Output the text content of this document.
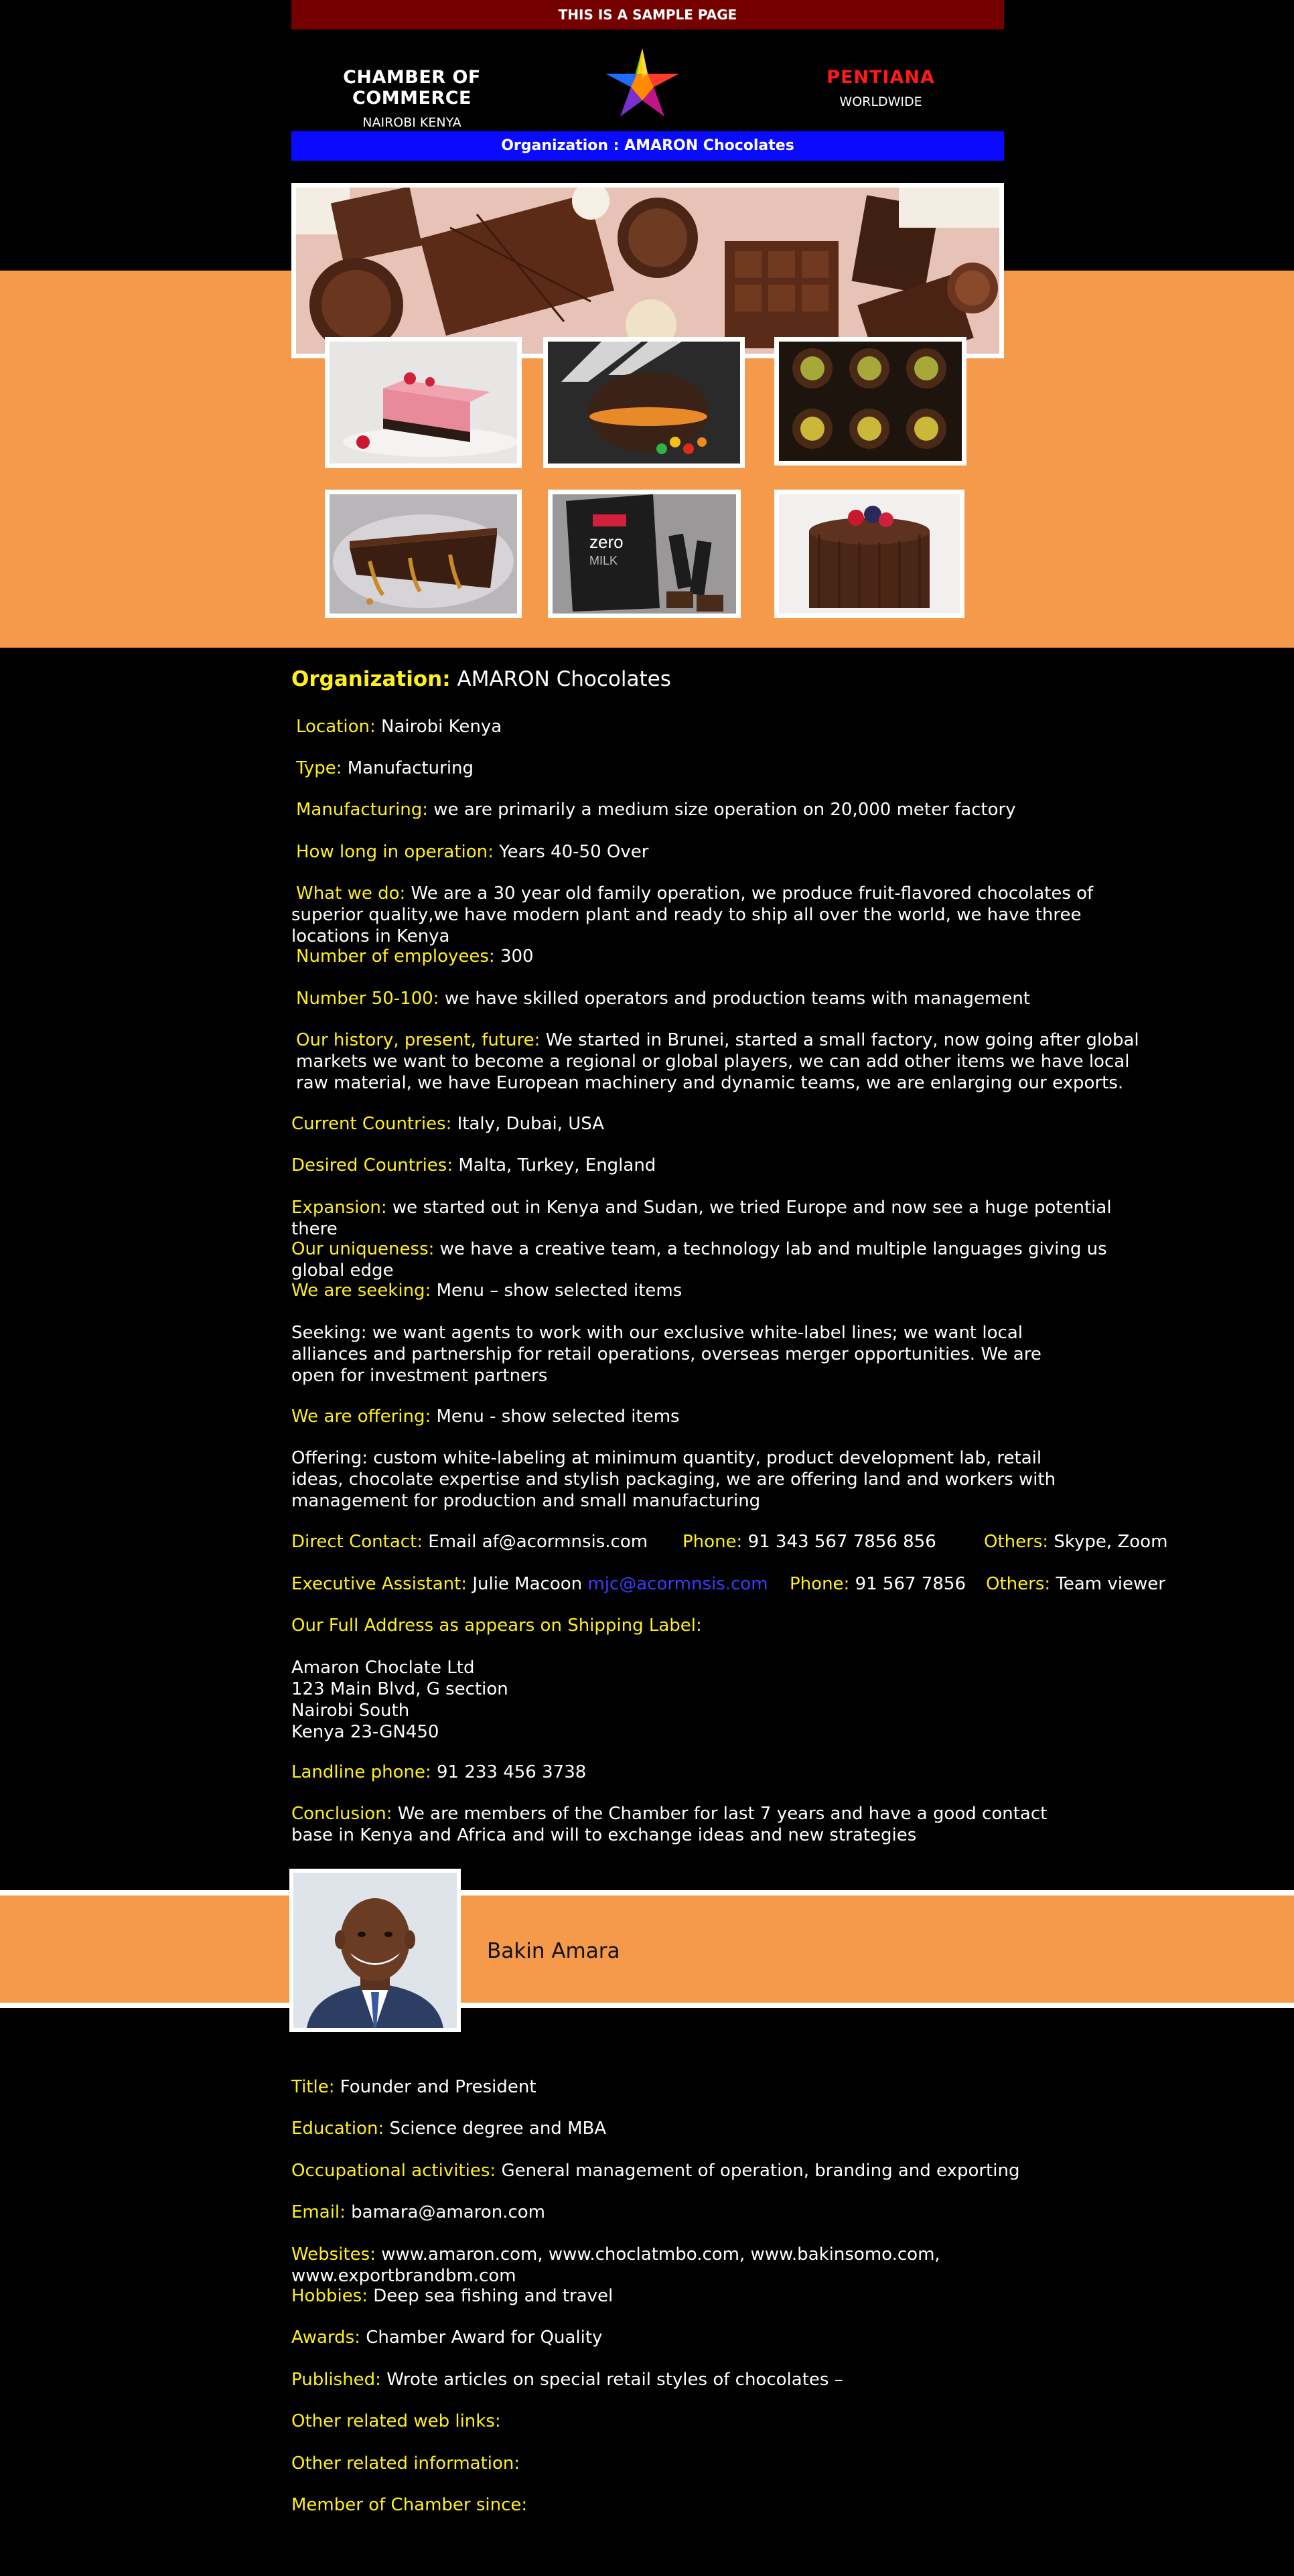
THIS IS A SAMPLE PAGE
CHAMBER OF COMMERCE
NAIROBI KENYA
PENTIANA
WORLDWIDE
Organization : AMARON Chocolates
zero
MILK
Organization: AMARON Chocolates
Location: Nairobi Kenya
Type: Manufacturing
Manufacturing: we are primarily a medium size operation on 20,000 meter factory
How long in operation: Years 40-50 Over
What we do: We are a 30 year old family operation, we produce fruit-flavored chocolates of superior quality,we have modern plant and ready to ship all over the world, we have three locations in Kenya
Number of employees: 300
Number 50-100: we have skilled operators and production teams with management
Our history, present, future: We started in Brunei, started a small factory, now going after global markets we want to become a regional or global players, we can add other items we have local raw material, we have European machinery and dynamic teams, we are enlarging our exports.
Current Countries: Italy, Dubai, USA
Desired Countries: Malta, Turkey, England
Expansion: we started out in Kenya and Sudan, we tried Europe and now see a huge potential there
Our uniqueness: we have a creative team, a technology lab and multiple languages giving us global edge
We are seeking: Menu – show selected items
Seeking: we want agents to work with our exclusive white-label lines; we want local alliances and partnership for retail operations, overseas merger opportunities. We are open for investment partners
We are offering: Menu - show selected items
Offering: custom white-labeling at minimum quantity, product development lab, retail ideas, chocolate expertise and stylish packaging, we are offering land and workers with management for production and small manufacturing
Direct Contact: Email af@acormnsis.com Phone: 91 343 567 7856 856	Others: Skype, Zoom
Executive Assistant: Julie Macoon mjc@acormnsis.com Phone: 91 567 7856 Others: Team viewer
Our Full Address as appears on Shipping Label:
Amaron Choclate Ltd
123 Main Blvd, G section
Nairobi South
Kenya 23-GN450
Landline phone: 91 233 456 3738
Conclusion: We are members of the Chamber for last 7 years and have a good contact base in Kenya and Africa and will to exchange ideas and new strategies
Bakin Amara
Title: Founder and President
Education: Science degree and MBA
Occupational activities: General management of operation, branding and exporting
Email: bamara@amaron.com
Websites: www.amaron.com, www.choclatmbo.com, www.bakinsomo.com, www.exportbrandbm.com
Hobbies: Deep sea fishing and travel
Awards: Chamber Award for Quality
Published: Wrote articles on special retail styles of chocolates –
Other related web links:
Other related information:
Member of Chamber since:
